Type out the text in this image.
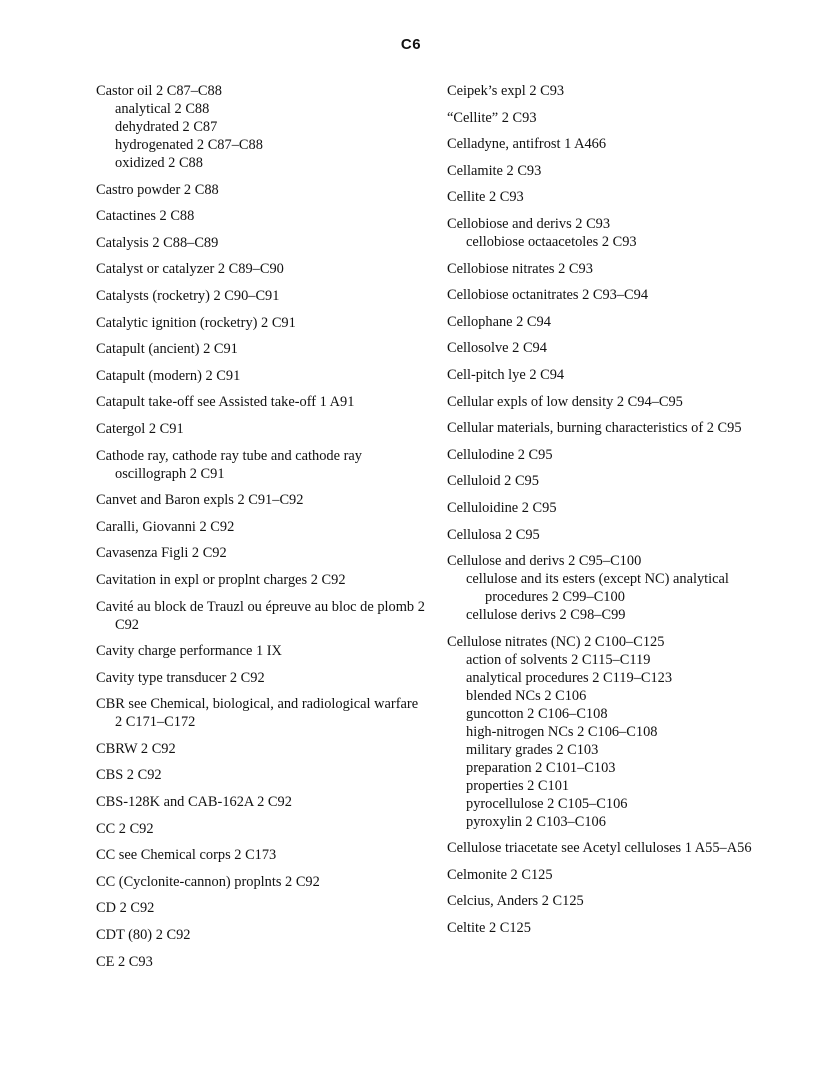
C6
Castor oil 2 C87–C88
analytical 2 C88
dehydrated 2 C87
hydrogenated 2 C87–C88
oxidized 2 C88
Castro powder 2 C88
Catactines 2 C88
Catalysis 2 C88–C89
Catalyst or catalyzer 2 C89–C90
Catalysts (rocketry) 2 C90–C91
Catalytic ignition (rocketry) 2 C91
Catapult (ancient) 2 C91
Catapult (modern) 2 C91
Catapult take-off see Assisted take-off 1 A91
Catergol 2 C91
Cathode ray, cathode ray tube and cathode ray oscillograph 2 C91
Canvet and Baron expls 2 C91–C92
Caralli, Giovanni 2 C92
Cavasenza Figli 2 C92
Cavitation in expl or proplnt charges 2 C92
Cavité au block de Trauzl ou épreuve au bloc de plomb 2 C92
Cavity charge performance 1 IX
Cavity type transducer 2 C92
CBR see Chemical, biological, and radiological warfare 2 C171–C172
CBRW 2 C92
CBS 2 C92
CBS-128K and CAB-162A 2 C92
CC 2 C92
CC see Chemical corps 2 C173
CC (Cyclonite-cannon) proplnts 2 C92
CD 2 C92
CDT (80) 2 C92
CE 2 C93
Ceipek’s expl 2 C93
“Cellite” 2 C93
Celladyne, antifrost 1 A466
Cellamite 2 C93
Cellite 2 C93
Cellobiose and derivs 2 C93
cellobiose octaacetoles 2 C93
Cellobiose nitrates 2 C93
Cellobiose octanitrates 2 C93–C94
Cellophane 2 C94
Cellosolve 2 C94
Cell-pitch lye 2 C94
Cellular expls of low density 2 C94–C95
Cellular materials, burning characteristics of 2 C95
Cellulodine 2 C95
Celluloid 2 C95
Celluloidine 2 C95
Cellulosa 2 C95
Cellulose and derivs 2 C95–C100
cellulose and its esters (except NC) analytical procedures 2 C99–C100
cellulose derivs 2 C98–C99
Cellulose nitrates (NC) 2 C100–C125
action of solvents 2 C115–C119
analytical procedures 2 C119–C123
blended NCs 2 C106
guncotton 2 C106–C108
high-nitrogen NCs 2 C106–C108
military grades 2 C103
preparation 2 C101–C103
properties 2 C101
pyrocellulose 2 C105–C106
pyroxylin 2 C103–C106
Cellulose triacetate see Acetyl celluloses 1 A55–A56
Celmonite 2 C125
Celcius, Anders 2 C125
Celtite 2 C125
